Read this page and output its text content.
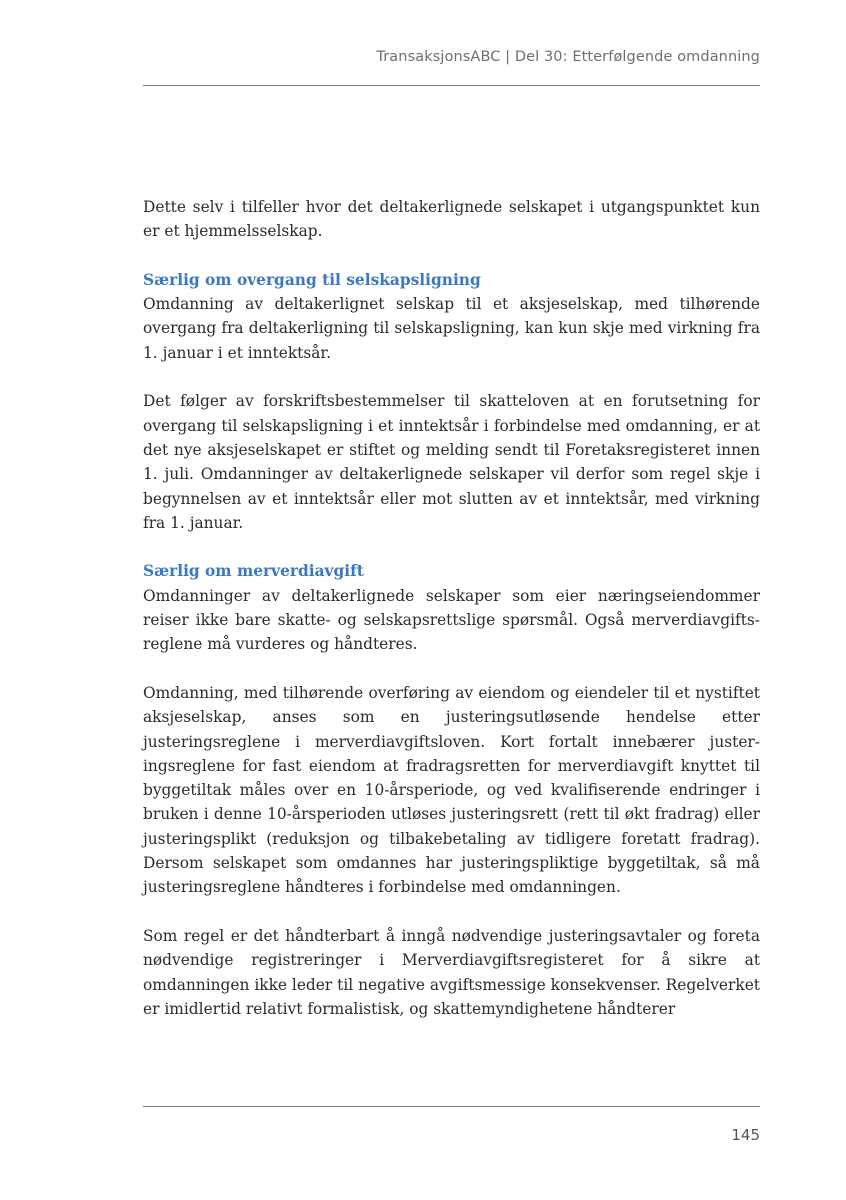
TransaksjonsABC | Del 30: Etterfølgende omdanning

Dette selv i tilfeller hvor det deltakerlignede selskapet i utgangspunktet kun er et hjemmelsselskap.

Særlig om overgang til selskapsligning

Omdanning av deltakerlignet selskap til et aksjeselskap, med tilhørende overgang fra deltakerligning til selskapsligning, kan kun skje med virkning fra 1. januar i et inntektsår.

Det følger av forskriftsbestemmelser til skatteloven at en forutsetning for overgang til selskapsligning i et inntektsår i forbindelse med omdanning, er at det nye aksjeselskapet er stiftet og melding sendt til Foretaksregisteret innen 1. juli. Omdanninger av deltakerlignede selskaper vil derfor som regel skje i begynnelsen av et inntektsår eller mot slutten av et inntektsår, med virkning fra 1. januar.

Særlig om merverdiavgift

Omdanninger av deltakerlignede selskaper som eier næringseiendommer reiser ikke bare skatte- og selskapsrettslige spørsmål. Også merverdiavgiftsreglene må vurderes og håndteres.

Omdanning, med tilhørende overføring av eiendom og eiendeler til et nystiftet aksjeselskap, anses som en justeringsutløsende hendelse etter justeringsreglene i merverdiavgiftsloven. Kort fortalt innebærer justeringsreglene for fast eiendom at fradragsretten for merverdiavgift knyttet til byggetiltak måles over en 10-årsperiode, og ved kvalifiserende endringer i bruken i denne 10-årsperioden utløses justeringsrett (rett til økt fradrag) eller justeringsplikt (reduksjon og tilbakebetaling av tidligere foretatt fradrag). Dersom selskapet som omdannes har justeringspliktige byggetiltak, så må justeringsreglene håndteres i forbindelse med omdanningen.

Som regel er det håndterbart å inngå nødvendige justeringsavtaler og foreta nødvendige registreringer i Merverdiavgiftsregisteret for å sikre at omdanningen ikke leder til negative avgiftsmessige konsekvenser. Regelverket er imidlertid relativt formalistisk, og skattemyndighetene håndterer

145
